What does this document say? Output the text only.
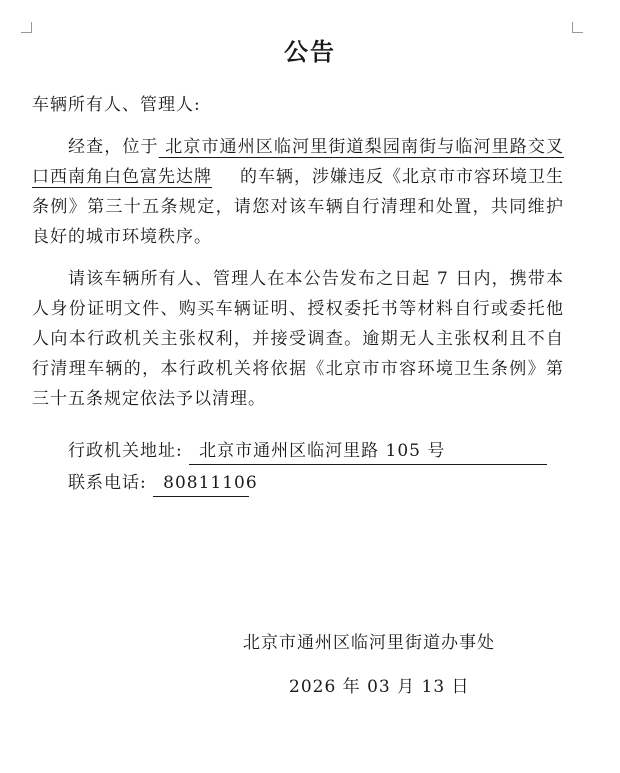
公告
车辆所有人、管理人:
经查，位于 北京市通州区临河里街道梨园南街与临河里路交叉口西南角白色富先达牌 的车辆，涉嫌违反《北京市市容环境卫生条例》第三十五条规定，请您对该车辆自行清理和处置，共同维护良好的城市环境秩序。
请该车辆所有人、管理人在本公告发布之日起 7 日内，携带本人身份证明文件、购买车辆证明、授权委托书等材料自行或委托他人向本行政机关主张权利，并接受调查。逾期无人主张权利且不自行清理车辆的，本行政机关将依据《北京市市容环境卫生条例》第三十五条规定依法予以清理。
行政机关地址: 北京市通州区临河里路 105 号
联系电话: 80811106
北京市通州区临河里街道办事处
2026 年 03 月 13 日
